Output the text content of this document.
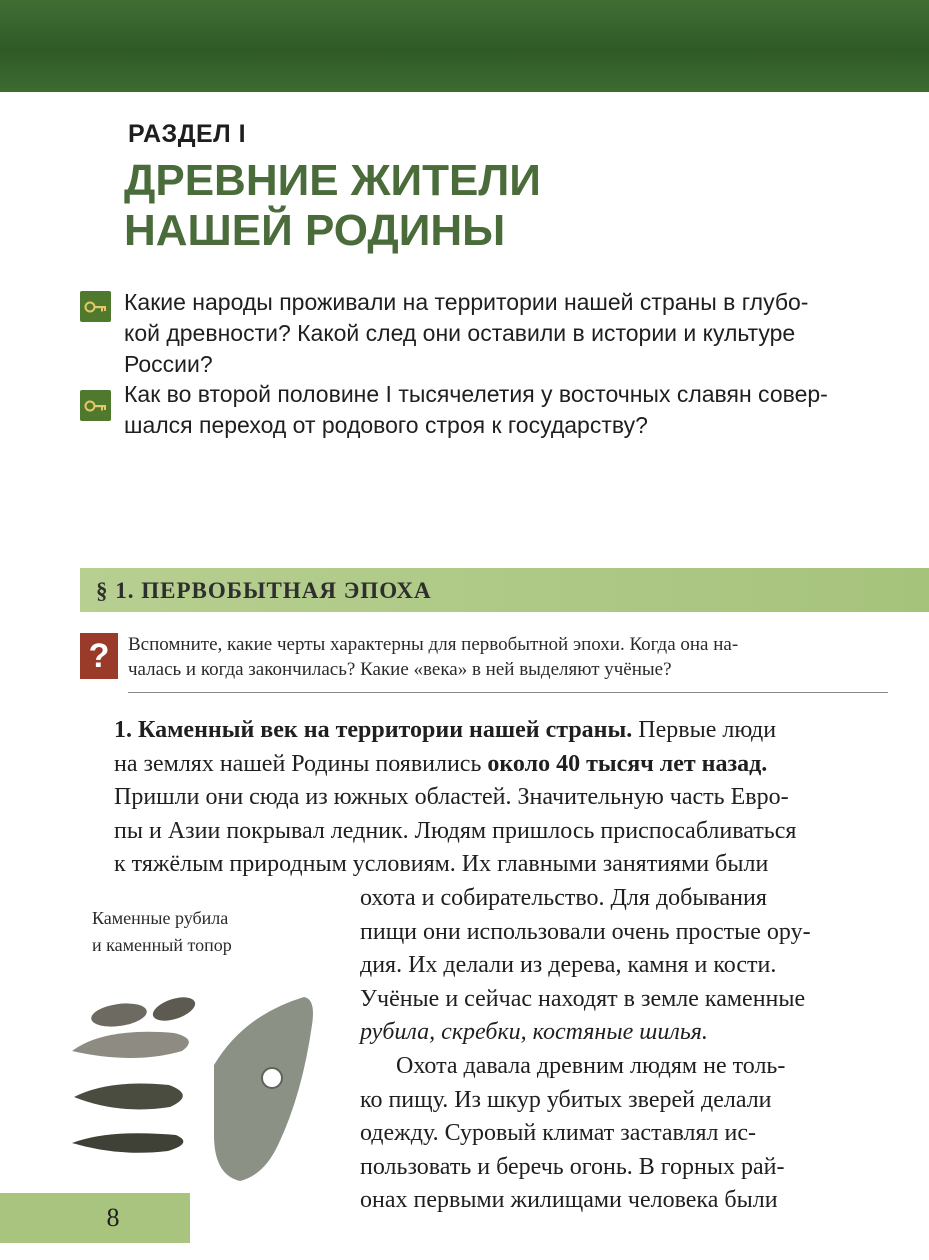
РАЗДЕЛ I
ДРЕВНИЕ ЖИТЕЛИ
НАШЕЙ РОДИНЫ
Какие народы проживали на территории нашей страны в глубо-
кой древности? Какой след они оставили в истории и культуре
России?
Как во второй половине I тысячелетия у восточных славян совер-
шался переход от родового строя к государству?
§ 1. ПЕРВОБЫТНАЯ ЭПОХА
? Вспомните, какие черты характерны для первобытной эпохи. Когда она на-
чалась и когда закончилась? Какие «века» в ней выделяют учёные?
1. Каменный век на территории нашей страны. Первые люди
на землях нашей Родины появились около 40 тысяч лет назад.
Пришли они сюда из южных областей. Значительную часть Евро-
пы и Азии покрывал ледник. Людям пришлось приспосабливаться
к тяжёлым природным условиям. Их главными занятиями были
охота и собирательство. Для добывания
пищи они использовали очень простые ору-
дия. Их делали из дерева, камня и кости.
Учёные и сейчас находят в земле каменные
рубила, скребки, костяные шилья.
Охота давала древним людям не толь-
ко пищу. Из шкур убитых зверей делали
одежду. Суровый климат заставлял ис-
пользовать и беречь огонь. В горных рай-
онах первыми жилищами человека были
Каменные рубила
и каменный топор
8
